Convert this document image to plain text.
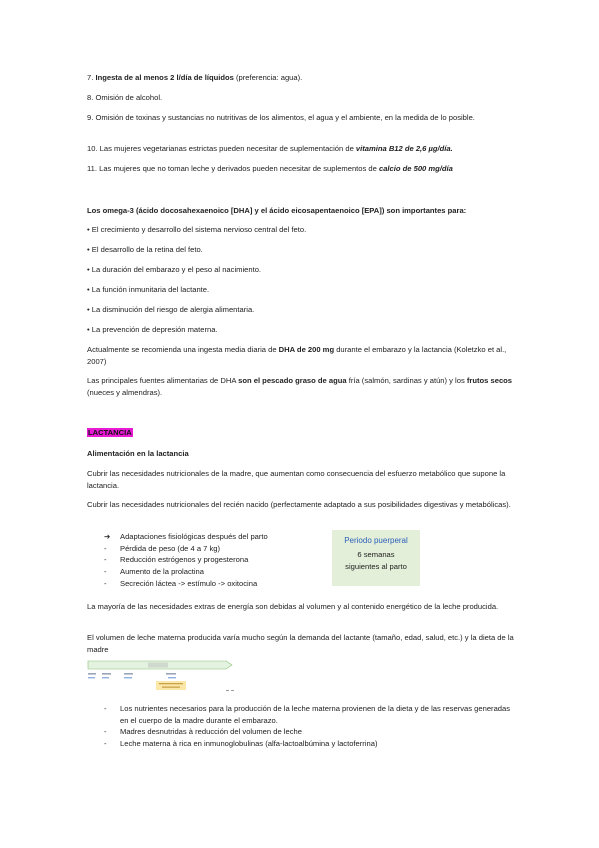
7. Ingesta de al menos 2 l/día de líquidos (preferencia: agua).

8. Omisión de alcohol.

9. Omisión de toxinas y sustancias no nutritivas de los alimentos, el agua y el ambiente, en la medida de lo posible.

10. Las mujeres vegetarianas estrictas pueden necesitar de suplementación de vitamina B12 de 2,6 µg/día.

11. Las mujeres que no toman leche y derivados pueden necesitar de suplementos de calcio de 500 mg/día

Los omega-3 (ácido docosahexaenoico [DHA] y el ácido eicosapentaenoico [EPA]) son importantes para:

• El crecimiento y desarrollo del sistema nervioso central del feto.

• El desarrollo de la retina del feto.

• La duración del embarazo y el peso al nacimiento.

• La función inmunitaria del lactante.

• La disminución del riesgo de alergia alimentaria.

• La prevención de depresión materna.

Actualmente se recomienda una ingesta media diaria de DHA de 200 mg durante el embarazo y la lactancia (Koletzko et al., 2007)

Las principales fuentes alimentarias de DHA son el pescado graso de agua fría (salmón, sardinas y atún) y los frutos secos (nueces y almendras).

LACTANCIA

Alimentación en la lactancia

Cubrir las necesidades nutricionales de la madre, que aumentan como consecuencia del esfuerzo metabólico que supone la lactancia.

Cubrir las necesidades nutricionales del recién nacido (perfectamente adaptado a sus posibilidades digestivas y metabólicas).

➔ Adaptaciones fisiológicas después del parto
- Pérdida de peso (de 4 a 7 kg)
- Reducción estrógenos y progesterona
- Aumento de la prolactina
- Secreción láctea -> estímulo -> oxitocina
Periodo puerperal
6 semanas
siguientes al parto

La mayoría de las necesidades extras de energía son debidas al volumen y al contenido energético de la leche producida.

El volumen de leche materna producida varía mucho según la demanda del lactante (tamaño, edad, salud, etc.) y la dieta de la madre

- Los nutrientes necesarios para la producción de la leche materna provienen de la dieta y de las reservas generadas en el cuerpo de la madre durante el embarazo.
- Madres desnutridas à reducción del volumen de leche
- Leche materna à rica en inmunoglobulinas (alfa-lactoalbúmina y lactoferrina)
